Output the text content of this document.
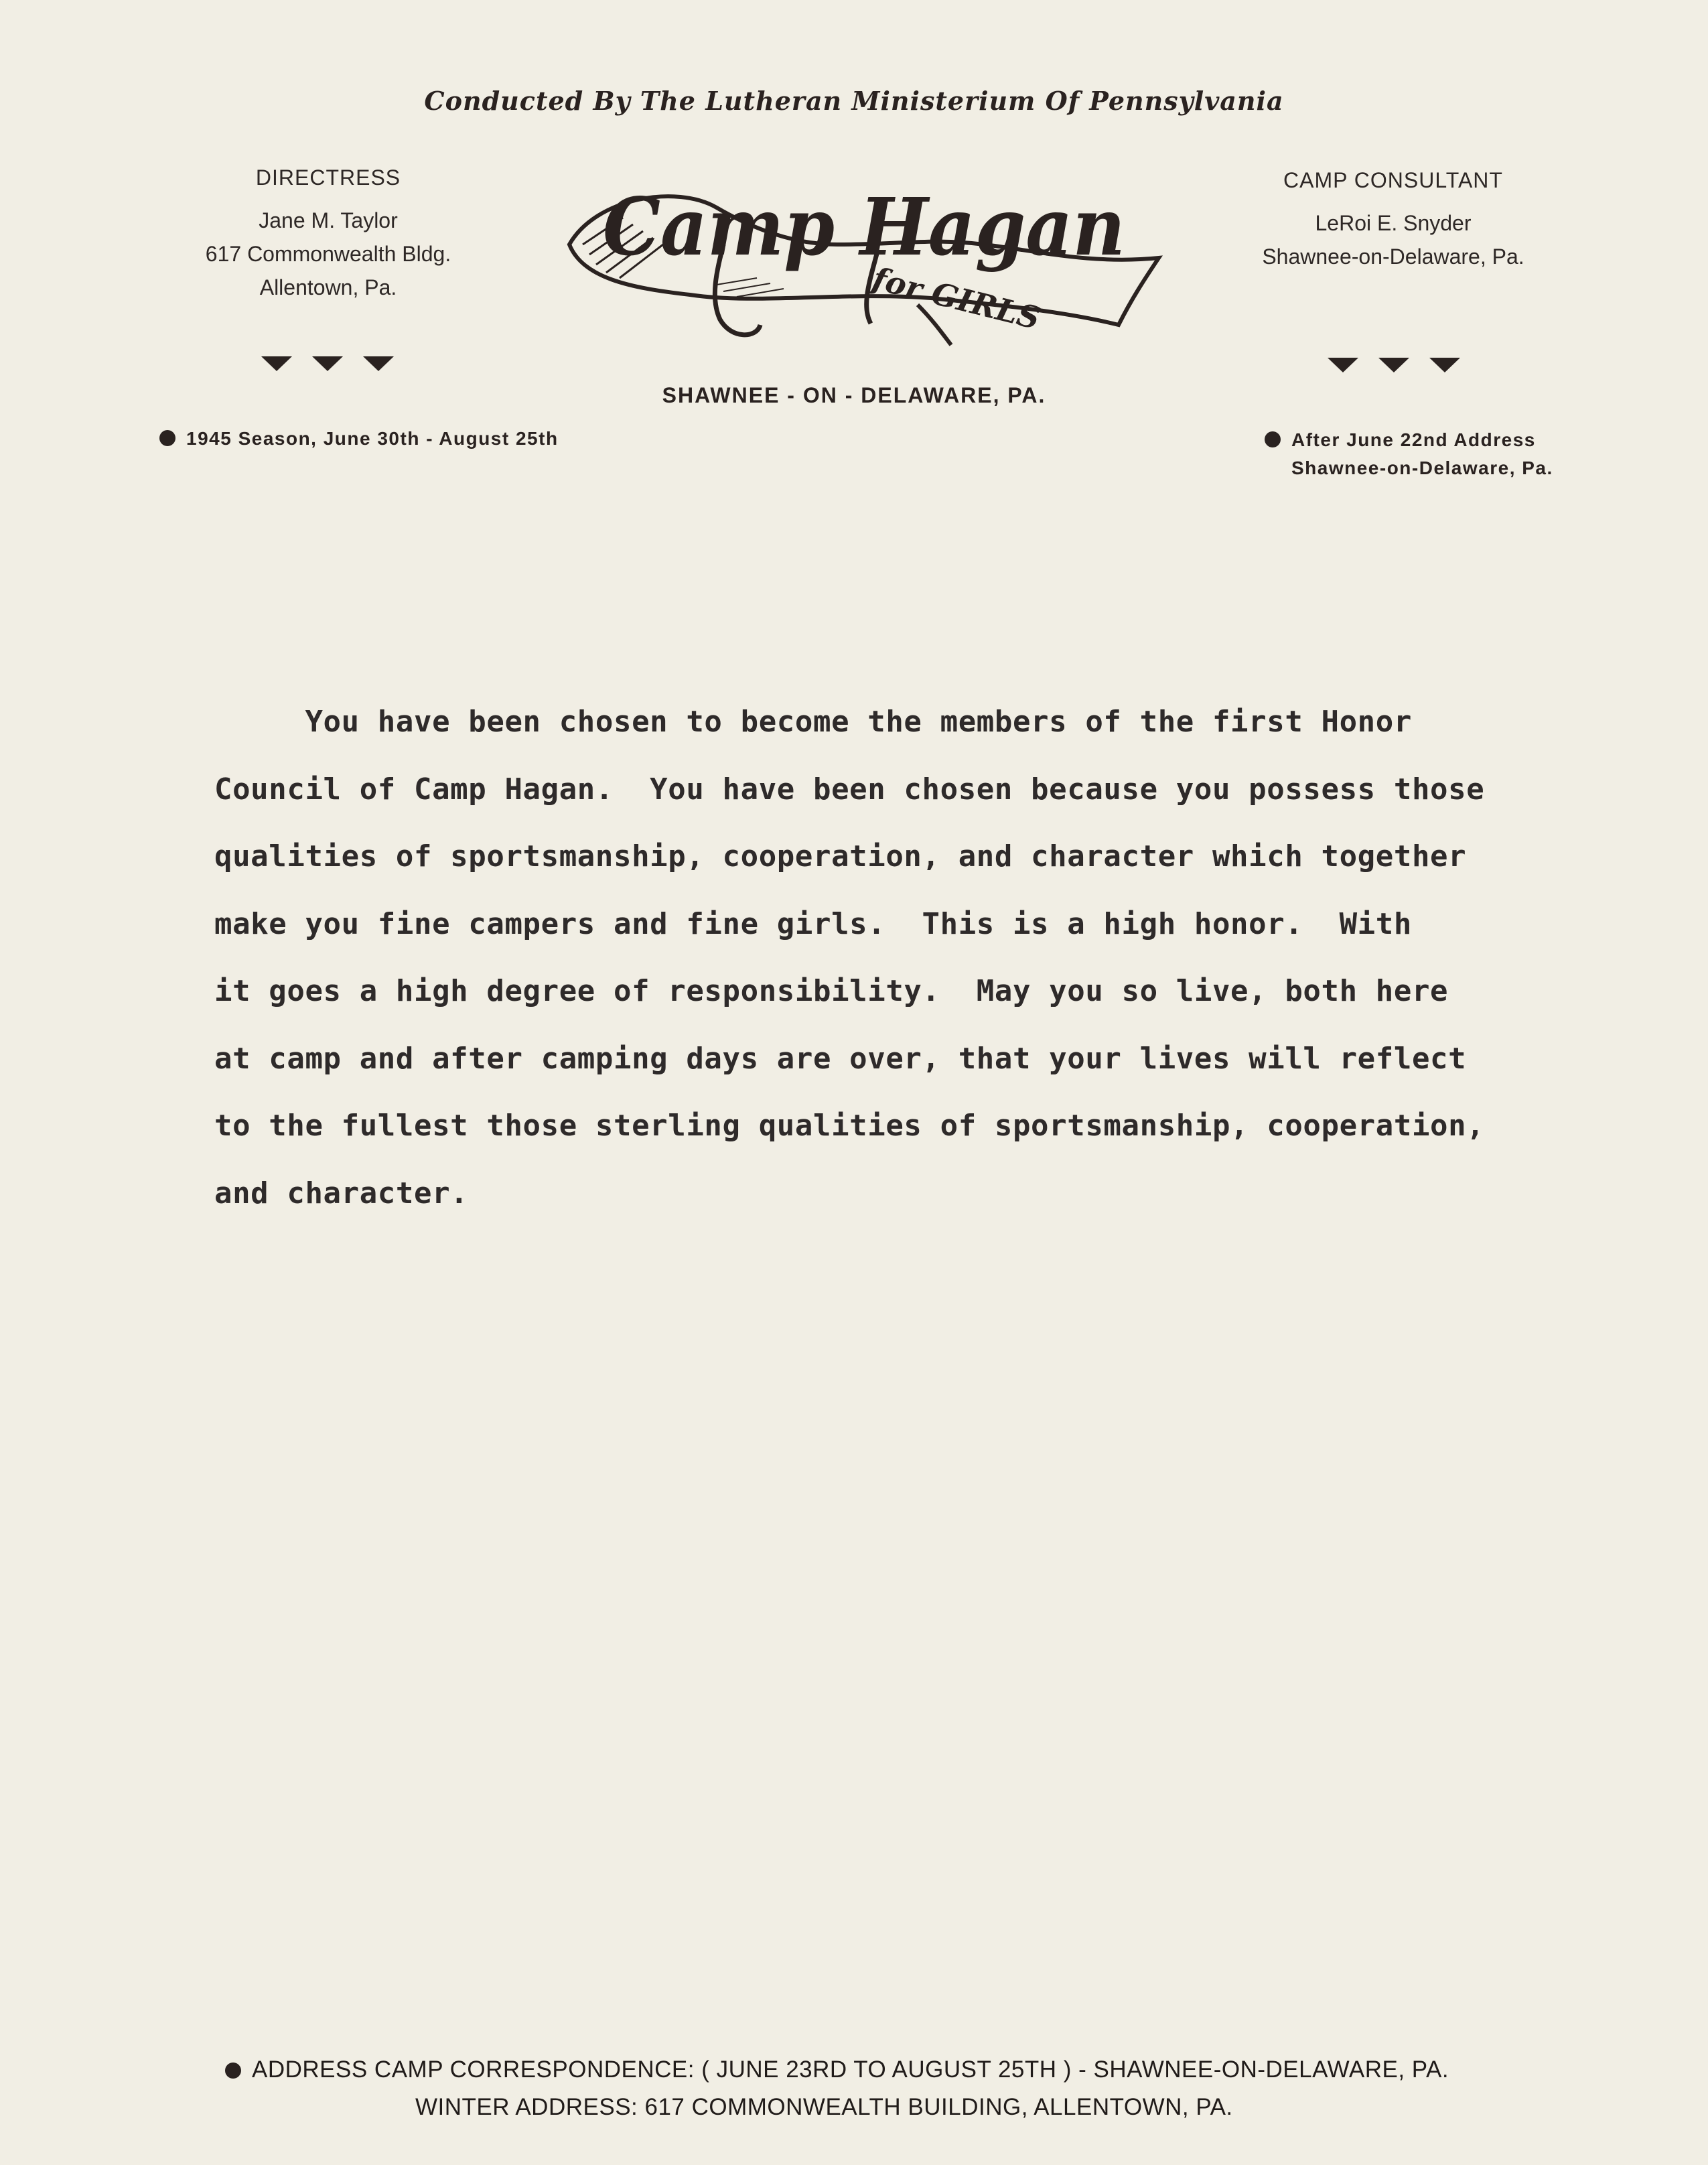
Conducted By The Lutheran Ministerium Of Pennsylvania
DIRECTRESS
Jane M. Taylor
617 Commonwealth Bldg.
Allentown, Pa.
CAMP CONSULTANT
LeRoi E. Snyder
Shawnee-on-Delaware, Pa.
Camp Hagan
for GIRLS
SHAWNEE - ON - DELAWARE, PA.
1945 Season, June 30th - August 25th	After June 22nd Address
Shawnee-on-Delaware, Pa.

You have been chosen to become the members of the first Honor

Council of Camp Hagan.  You have been chosen because you possess those

qualities of sportsmanship, cooperation, and character which together

make you fine campers and fine girls.  This is a high honor.  With

it goes a high degree of responsibility.  May you so live, both here

at camp and after camping days are over, that your lives will reflect

to the fullest those sterling qualities of sportsmanship, cooperation,

and character.

ADDRESS CAMP CORRESPONDENCE: ( JUNE 23RD TO AUGUST 25TH ) - SHAWNEE-ON-DELAWARE, PA.
WINTER ADDRESS: 617 COMMONWEALTH BUILDING, ALLENTOWN, PA.
